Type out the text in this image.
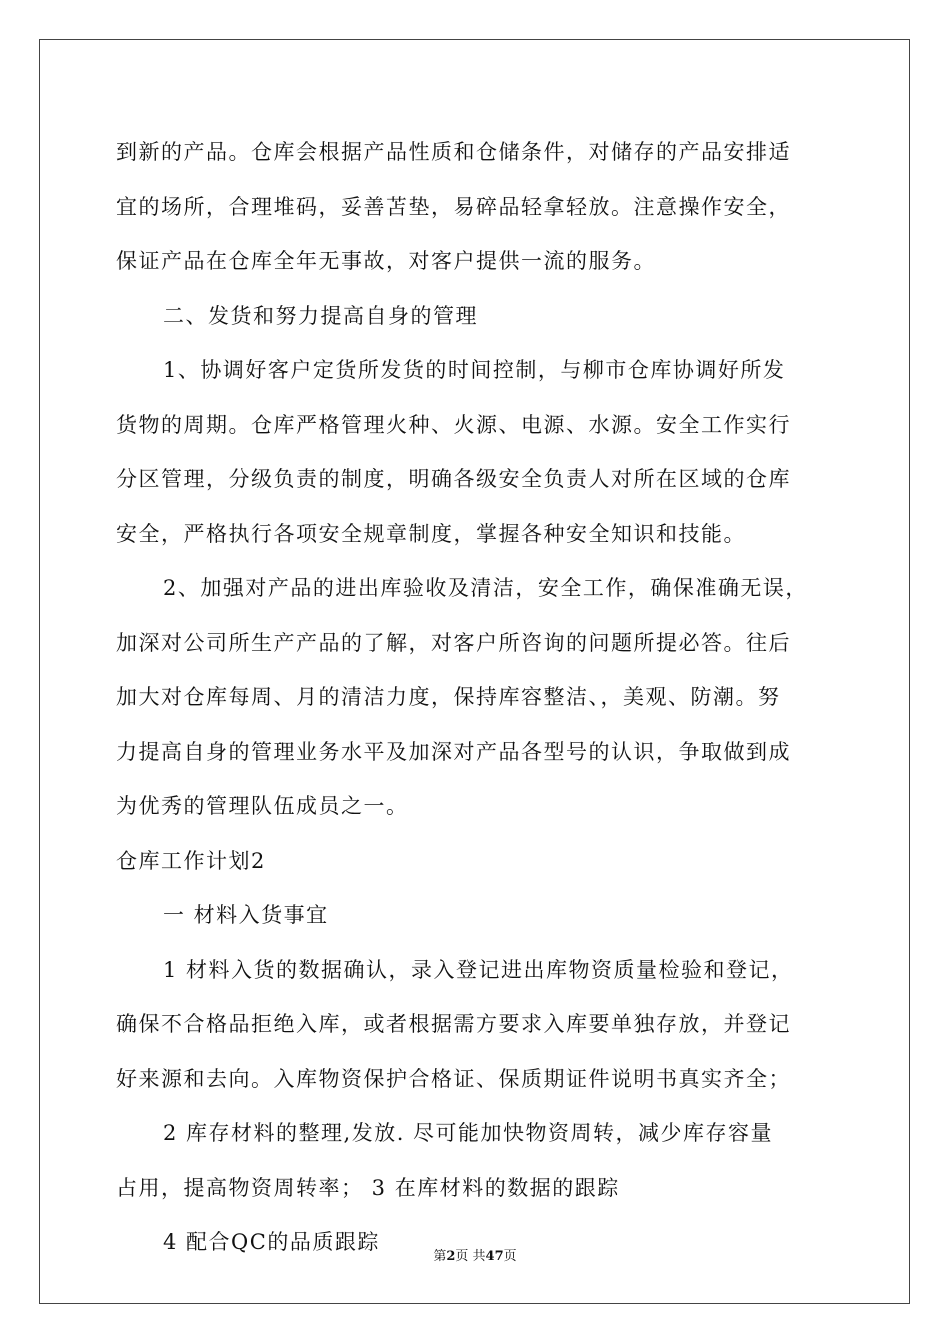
到新的产品。仓库会根据产品性质和仓储条件，对储存的产品安排适
宜的场所，合理堆码，妥善苫垫，易碎品轻拿轻放。注意操作安全，
保证产品在仓库全年无事故，对客户提供一流的服务。
二、发货和努力提高自身的管理
1、协调好客户定货所发货的时间控制，与柳市仓库协调好所发
货物的周期。仓库严格管理火种、火源、电源、水源。安全工作实行
分区管理，分级负责的制度，明确各级安全负责人对所在区域的仓库
安全，严格执行各项安全规章制度，掌握各种安全知识和技能。
2、加强对产品的进出库验收及清洁，安全工作，确保准确无误，
加深对公司所生产产品的了解，对客户所咨询的问题所提必答。往后
加大对仓库每周、月的清洁力度，保持库容整洁、，美观、防潮。努
力提高自身的管理业务水平及加深对产品各型号的认识，争取做到成
为优秀的管理队伍成员之一。
仓库工作计划2
一 材料入货事宜
1 材料入货的数据确认，录入登记进出库物资质量检验和登记，
确保不合格品拒绝入库，或者根据需方要求入库要单独存放，并登记
好来源和去向。入库物资保护合格证、保质期证件说明书真实齐全；
2 库存材料的整理,发放. 尽可能加快物资周转，减少库存容量
占用，提高物资周转率； 3 在库材料的数据的跟踪
4 配合QC的品质跟踪
第2页 共47页
